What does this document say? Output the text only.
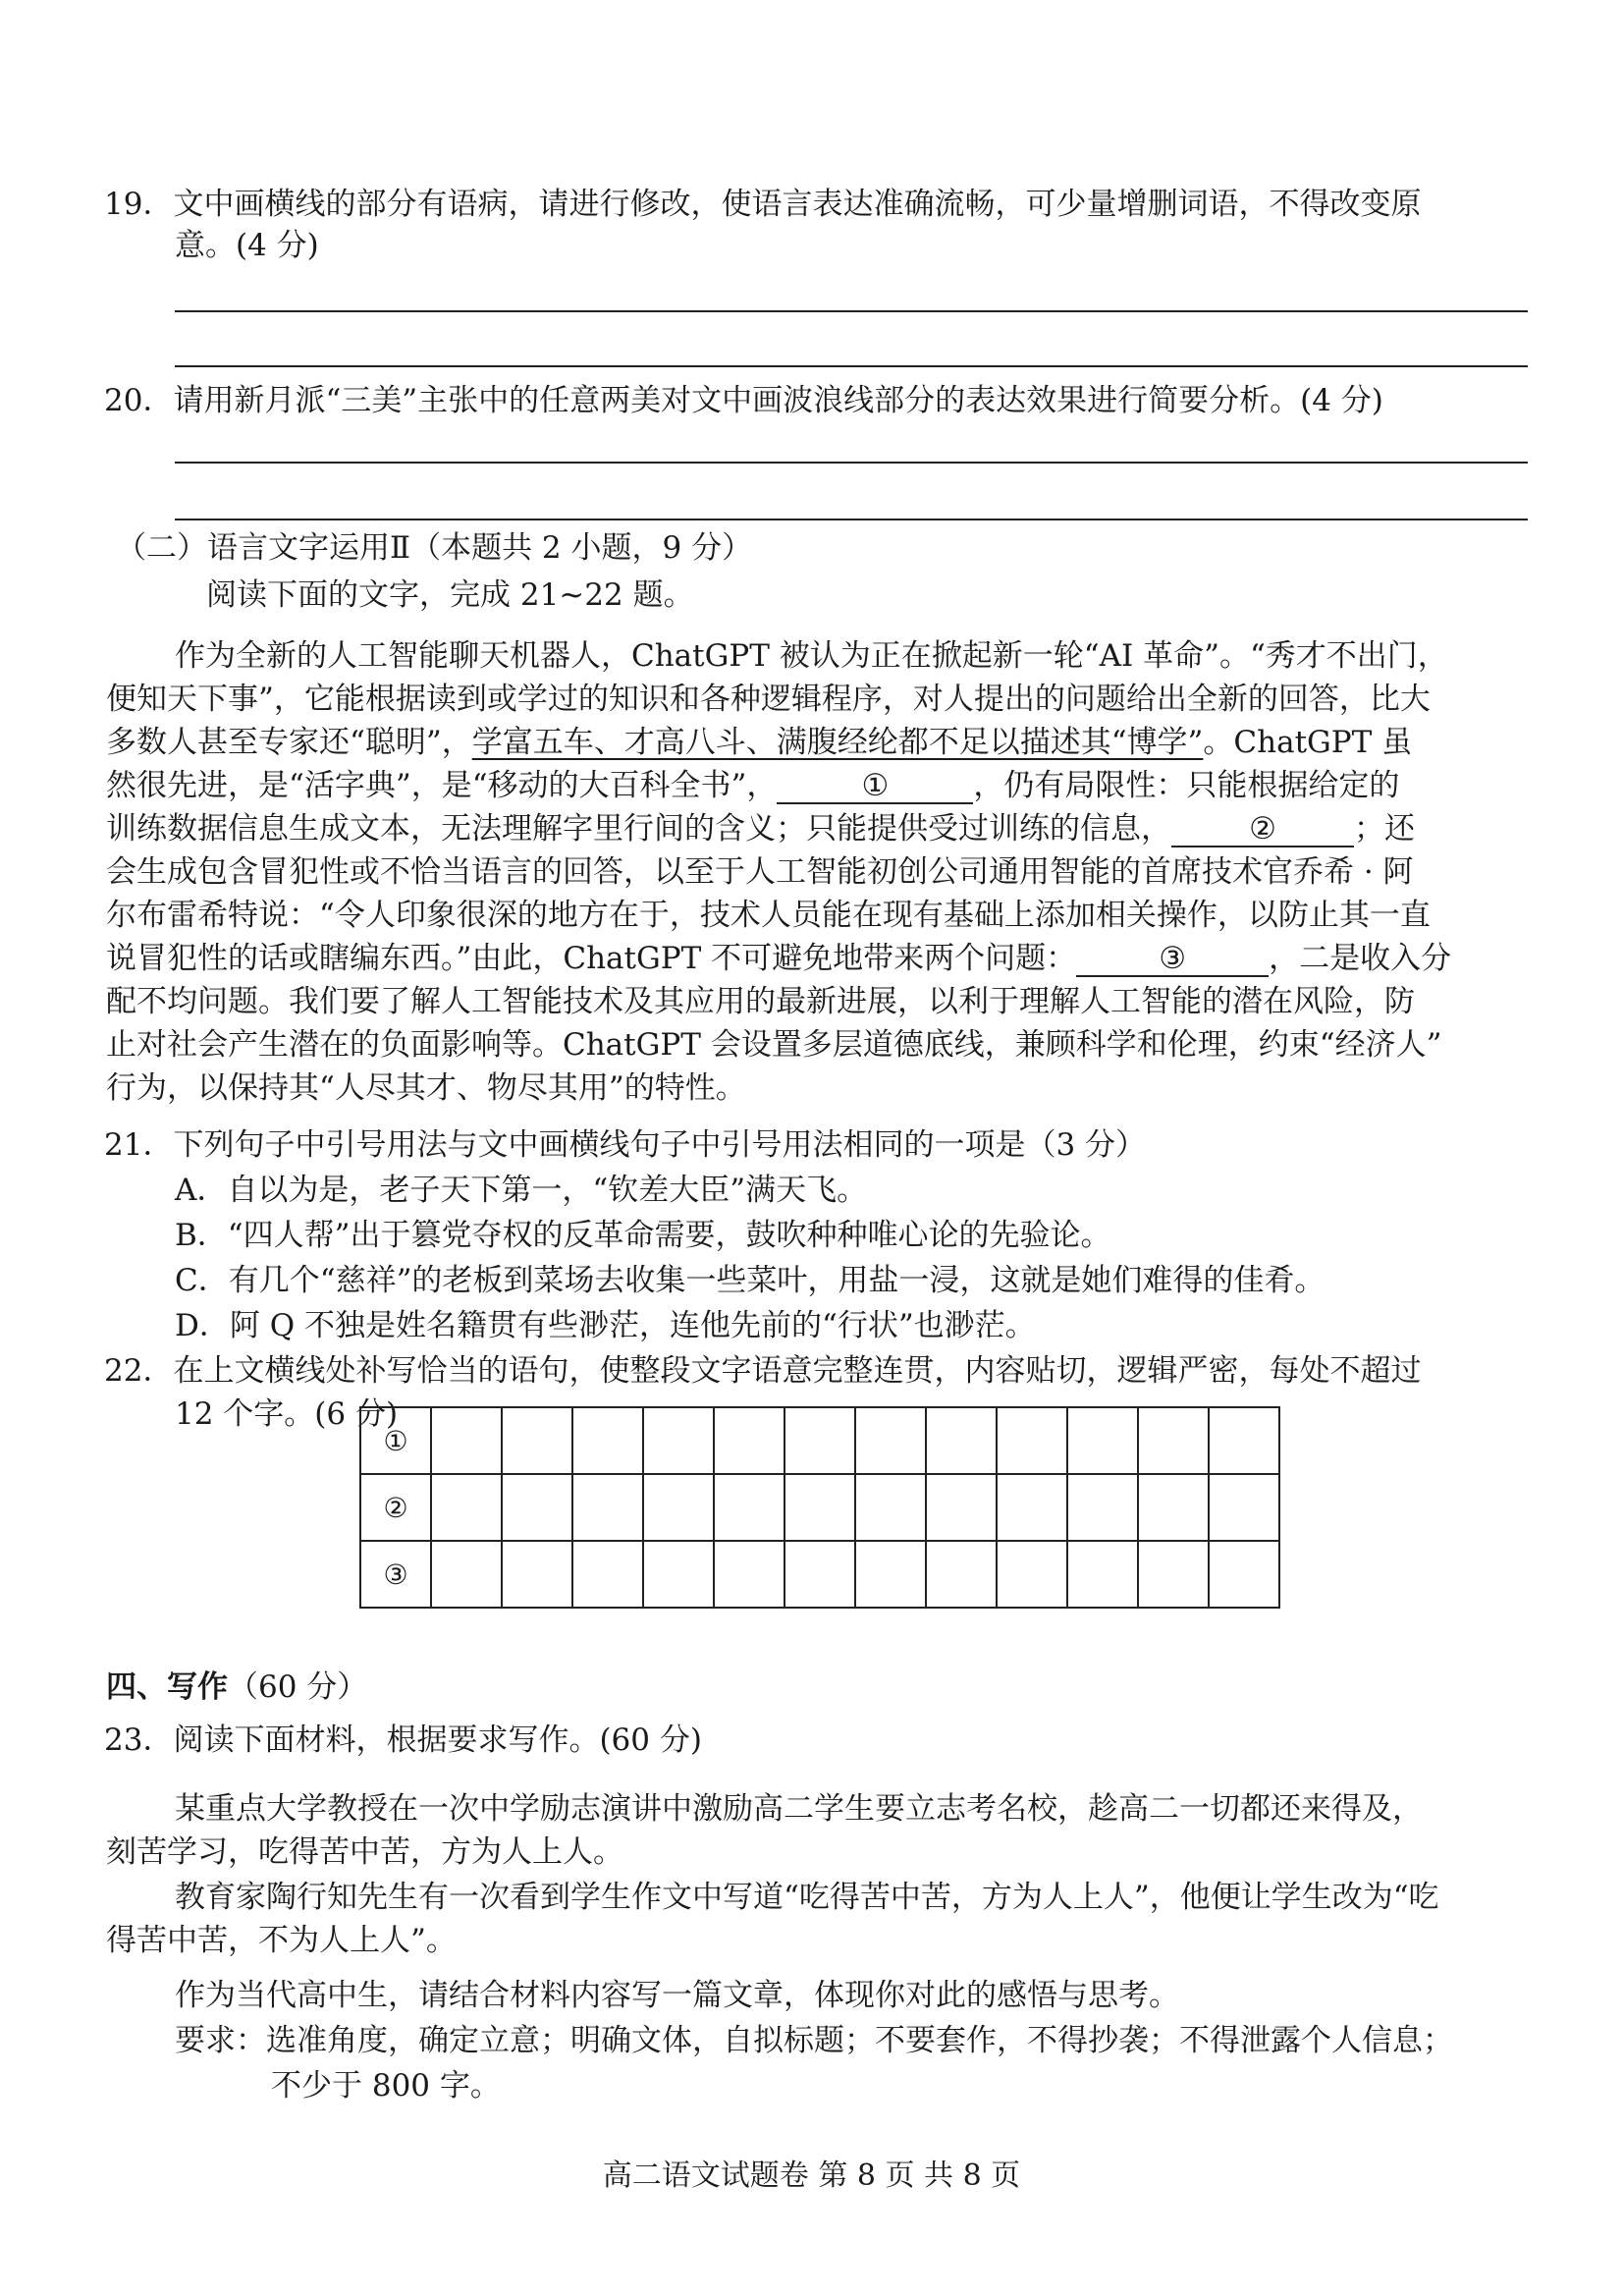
19．文中画横线的部分有语病，请进行修改，使语言表达准确流畅，可少量增删词语，不得改变原
意。(4 分)
20．请用新月派“三美”主张中的任意两美对文中画波浪线部分的表达效果进行简要分析。(4 分)
（二）语言文字运用Ⅱ（本题共 2 小题，9 分）
阅读下面的文字，完成 21~22 题。
作为全新的人工智能聊天机器人，ChatGPT 被认为正在掀起新一轮“AI 革命”。“秀才不出门，
便知天下事”，它能根据读到或学过的知识和各种逻辑程序，对人提出的问题给出全新的回答，比大
多数人甚至专家还“聪明”，学富五车、才高八斗、满腹经纶都不足以描述其“博学”。ChatGPT 虽
然很先进，是“活字典”，是“移动的大百科全书”，	①	，仍有局限性：只能根据给定的
训练数据信息生成文本，无法理解字里行间的含义；只能提供受过训练的信息，	②	；还
会生成包含冒犯性或不恰当语言的回答，以至于人工智能初创公司通用智能的首席技术官乔希 · 阿
尔布雷希特说：“令人印象很深的地方在于，技术人员能在现有基础上添加相关操作，以防止其一直
说冒犯性的话或瞎编东西。”由此，ChatGPT 不可避免地带来两个问题：	③	，二是收入分
配不均问题。我们要了解人工智能技术及其应用的最新进展，以利于理解人工智能的潜在风险，防
止对社会产生潜在的负面影响等。ChatGPT 会设置多层道德底线，兼顾科学和伦理，约束“经济人”
行为，以保持其“人尽其才、物尽其用”的特性。
21．下列句子中引号用法与文中画横线句子中引号用法相同的一项是（3 分）
A．自以为是，老子天下第一，“钦差大臣”满天飞。
B．“四人帮”出于篡党夺权的反革命需要，鼓吹种种唯心论的先验论。
C．有几个“慈祥”的老板到菜场去收集一些菜叶，用盐一浸，这就是她们难得的佳肴。
D．阿 Q 不独是姓名籍贯有些渺茫，连他先前的“行状”也渺茫。
22．在上文横线处补写恰当的语句，使整段文字语意完整连贯，内容贴切，逻辑严密，每处不超过
12 个字。(6 分)
①												
②												
③												
四、写作（60 分）
23．阅读下面材料，根据要求写作。(60 分)
某重点大学教授在一次中学励志演讲中激励高二学生要立志考名校，趁高二一切都还来得及，
刻苦学习，吃得苦中苦，方为人上人。
教育家陶行知先生有一次看到学生作文中写道“吃得苦中苦，方为人上人”，他便让学生改为“吃
得苦中苦，不为人上人”。
作为当代高中生，请结合材料内容写一篇文章，体现你对此的感悟与思考。
要求：选准角度，确定立意；明确文体，自拟标题；不要套作，不得抄袭；不得泄露个人信息；
不少于 800 字。
高二语文试题卷 第 8 页 共 8 页
